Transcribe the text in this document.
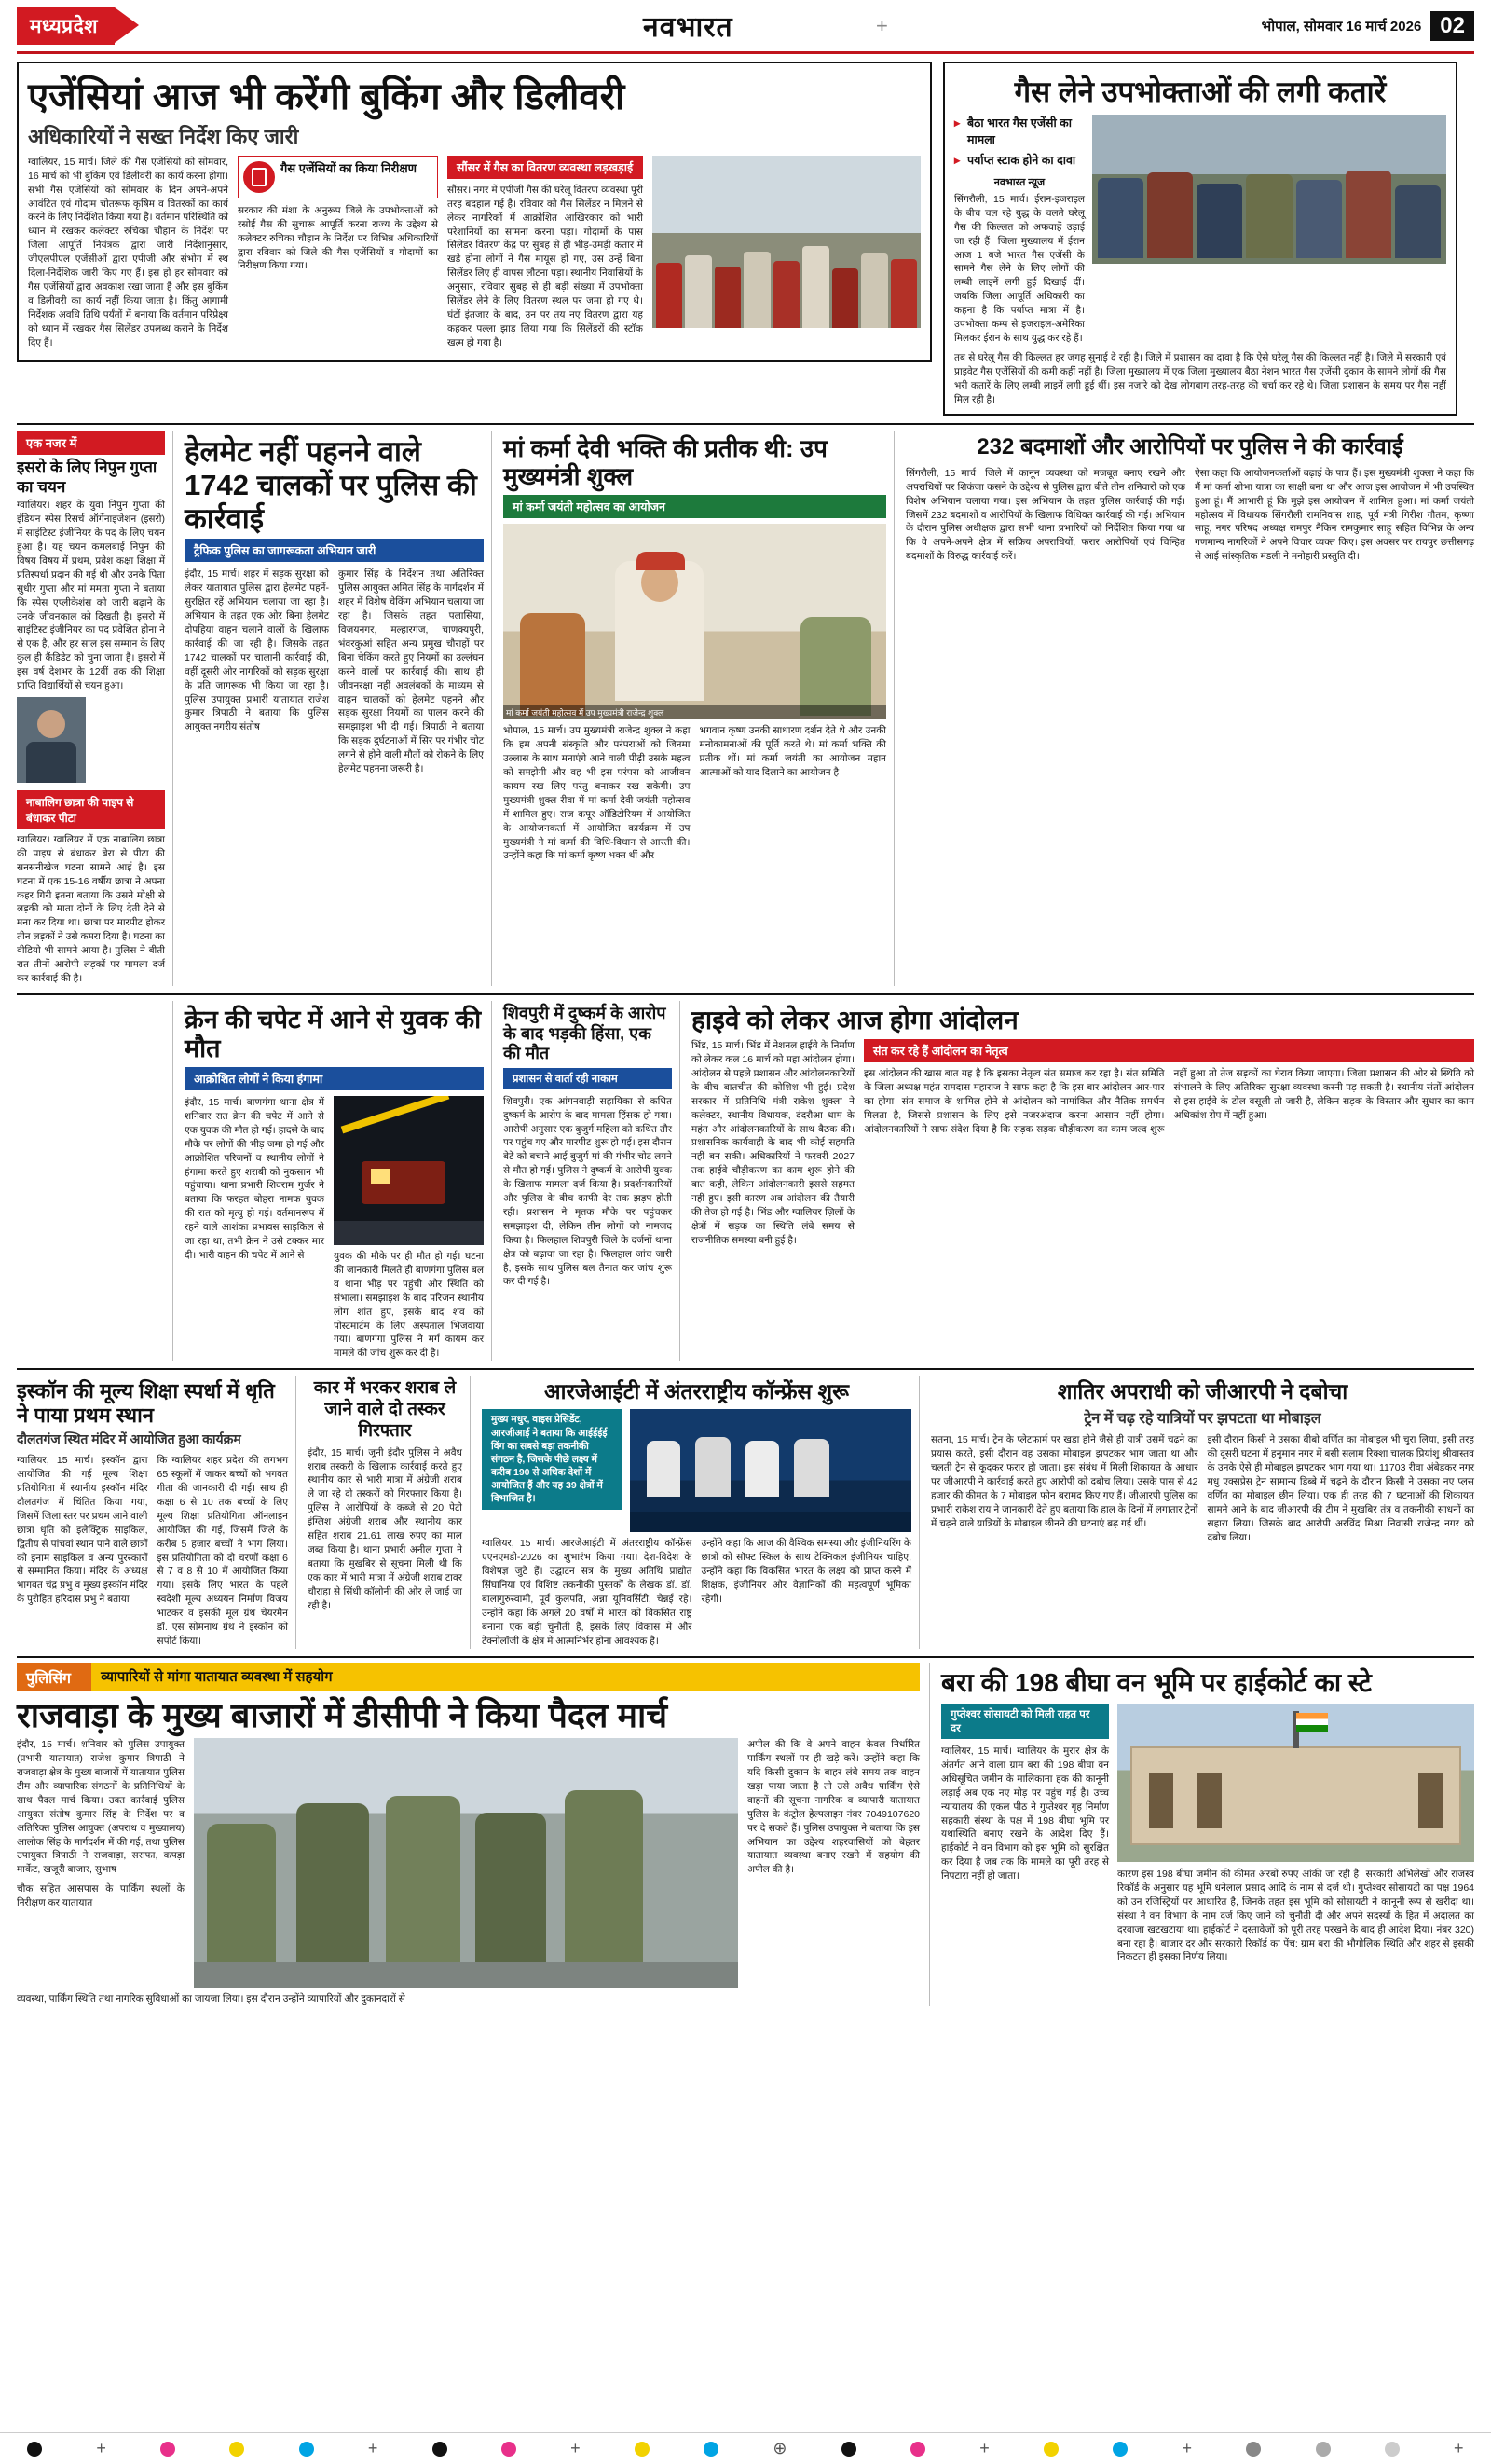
मध्यप्रदेश	नवभारत	+	भोपाल, सोमवार 16 मार्च 2026 02
एजेंसियां आज भी करेंगी बुकिंग और डिलीवरी
अधिकारियों ने सख्त निर्देश किए जारी
ग्वालियर, 15 मार्च। जिले की गैस एजेंसियों को सोमवार, 16 मार्च को भी बुकिंग एवं डिलीवरी का कार्य करना होगा। सभी गैस एजेंसियों को सोमवार के दिन अपने-अपने आवंटित एवं गोदाम चोतरूफ कृषिम व वितरकों का कार्य करने के लिए निर्देशित किया गया है। वर्तमान परिस्थिति को ध्यान में रखकर कलेक्टर रुचिका चौहान के निर्देश पर जिला आपूर्ति नियंत्रक द्वारा जारी निर्देशानुसार, जीएलपीएल एजेंसीओं द्वारा एपीजी और संभोग में स्थ दिला-निर्देशिक जारी किए गए हैं। इस हो हर सोमवार को गैस एजेंसियों द्वारा अवकाश रखा जाता है और इस बुकिंग व डिलीवरी का कार्य नहीं किया जाता है। किंतु आगामी निर्देशक अवधि तिथि पर्यंतों में बनाया कि वर्तमान परिप्रेक्ष्य को ध्यान में रखकर गैस सिलेंडर उपलब्ध कराने के निर्देश दिए हैं।
गैस एजेंसियों का किया निरीक्षण
सरकार की मंशा के अनुरूप जिले के उपभोक्ताओं को रसोई गैस की सुचारू आपूर्ति करना राज्य के उद्देश्य से कलेक्टर रुचिका चौहान के निर्देश पर विभिन्न अधिकारियों द्वारा रविवार को जिले की गैस एजेंसियों व गोदामों का निरीक्षण किया गया।
सौंसर में गैस का वितरण व्यवस्था लड़खड़ाई
सौंसर। नगर में एपीजी गैस की घरेलू वितरण व्यवस्था पूरी तरह बदहाल गई है। रविवार को गैस सिलेंडर न मिलने से लेकर नागरिकों में आक्रोशित आखिरकार को भारी परेशानियों का सामना करना पड़ा। गोदामों के पास सिलेंडर वितरण केंद्र पर सुबह से ही भीड़-उमड़ी कतार में खड़े होना लोगों ने गैस मायूस हो गए, उस उन्हें बिना सिलेंडर लिए ही वापस लौटना पड़ा। स्थानीय निवासियों के अनुसार, रविवार सुबह से ही बड़ी संख्या में उपभोक्ता सिलेंडर लेने के लिए वितरण स्थल पर जमा हो गए थे। घंटों इंतजार के बाद, उन पर तय नए वितरण द्वारा यह कहकर पल्ला झाड़ लिया गया कि सिलेंडरों की स्टॉक खत्म हो गया है।
गैस लेने उपभोक्ताओं की लगी कतारें
▸ बैठा भारत गैस एजेंसी का मामला
▸ पर्याप्त स्टाक होने का दावा
नवभारत न्यूज
सिंगरौली, 15 मार्च। ईरान-इजराइल के बीच चल रहे युद्ध के चलते घरेलू गैस की किल्लत को अफवाहें उड़ाई जा रही हैं। जिला मुख्यालय में ईरान आज 1 बजे भारत गैस एजेंसी के सामने गैस लेने के लिए लोगों की लम्बी लाइनें लगी हुई दिखाई दीं। जबकि जिला आपूर्ति अधिकारी का कहना है कि पर्याप्त मात्रा में है। उपभोक्ता कम्प से इजराइल-अमेरिका मिलकर ईरान के साथ युद्ध कर रहे हैं।
तब से घरेलू गैस की किल्लत हर जगह सुनाई दे रही है। जिले में प्रशासन का दावा है कि ऐसे घरेलू गैस की किल्लत नहीं है। जिले में सरकारी एवं प्राइवेट गैस एजेंसियों की कमी कहीं नहीं है। जिला मुख्यालय में एक जिला मुख्यालय बैठा नेशन भारत गैस एजेंसी दुकान के सामने लोगों की गैस भरी कतारें के लिए लम्बी लाइनें लगी हुई थीं। इस नजारे को देख लोगबाग तरह-तरह की चर्चा कर रहे थे। जिला प्रशासन के समय पर गैस नहीं मिल रही है।
एक नजर में
इसरो के लिए निपुन गुप्ता का चयन
ग्वालियर। शहर के युवा निपुन गुप्ता की इंडियन स्पेस रिसर्च ऑर्गेनाइजेशन (इसरो) में साइंटिस्ट इंजीनियर के पद के लिए चयन हुआ है। यह चयन कमलबाई निपुन की विषय विषय में प्रथम, प्रवेश कक्षा शिक्षा में प्रतिस्पर्धा प्रदान की गई थी और उनके पिता सुधीर गुप्ता और मां ममता गुप्ता ने बताया कि स्पेस एप्लीकेशंस को जारी बढ़ाने के उनके जीवनकाल को दिखती है। इसरो में साइंटिस्ट इंजीनियर का पद प्रवेशित होना ने से एक है, और हर साल इस सम्मान के लिए कुल ही कैंडिडेट को चुना जाता है। इसरो में इस वर्ष देशभर के 12वीं तक की शिक्षा प्राप्ति विद्यार्थियों से चयन हुआ।
नाबालिग छात्रा की पाइप से बंधाकर पीटा
ग्वालियर। ग्वालियर में एक नाबालिग छात्रा की पाइप से बंधाकर बेरा से पीटा की सनसनीखेज घटना सामने आई है। इस घटना में एक 15-16 वर्षीय छात्रा ने अपना कहर गिरी इतना बताया कि उसने मोक्षी से लड़की को माता दोनों के लिए देती देने से मना कर दिया था। छात्रा पर मारपीट होकर तीन लड़कों ने उसे कमरा दिया है। घटना का वीडियो भी सामने आया है। पुलिस ने बीती रात तीनों आरोपी लड़कों पर मामला दर्ज कर कार्रवाई की है।
हेलमेट नहीं पहनने वाले 1742 चालकों पर पुलिस की कार्रवाई
ट्रैफिक पुलिस का जागरूकता अभियान जारी
इंदौर, 15 मार्च। शहर में सड़क सुरक्षा को लेकर यातायात पुलिस द्वारा हेलमेट पहनें-सुरक्षित रहें अभियान चलाया जा रहा है। अभियान के तहत एक ओर बिना हेलमेट दोपहिया वाहन चलाने वालों के खिलाफ कार्रवाई की जा रही है। जिसके तहत 1742 चालकों पर चालानी कार्रवाई की, वहीं दूसरी ओर नागरिकों को सड़क सुरक्षा के प्रति जागरूक भी किया जा रहा है। पुलिस उपायुक्त प्रभारी यातायात राजेश कुमार त्रिपाठी ने बताया कि पुलिस आयुक्त नगरीय संतोष
कुमार सिंह के निर्देशन तथा अतिरिक्त पुलिस आयुक्त अमित सिंह के मार्गदर्शन में शहर में विशेष चेकिंग अभियान चलाया जा रहा है। जिसके तहत पलासिया, विजयनगर, मल्हारगंज, चाणक्यपुरी, भंवरकुआं सहित अन्य प्रमुख चौराहों पर बिना चेकिंग करते हुए नियमों का उल्लंघन करने वालों पर कार्रवाई की। साथ ही जीवनरक्षा नहीं अवलंबकों के माध्यम से वाहन चालकों को हेलमेट पहनने और सड़क सुरक्षा नियमों का पालन करने की समझाइश भी दी गई। त्रिपाठी ने बताया कि सड़क दुर्घटनाओं में सिर पर गंभीर चोट लगने से होने वाली मौतों को रोकने के लिए हेलमेट पहनना जरूरी है।
मां कर्मा देवी भक्ति की प्रतीक थी: उप मुख्यमंत्री शुक्ल
मां कर्मा जयंती महोत्सव का आयोजन
मां कर्मा जयंती महोत्सव में उप मुख्यमंत्री राजेन्द्र शुक्ल
भोपाल, 15 मार्च। उप मुख्यमंत्री राजेन्द्र शुक्ल ने कहा कि हम अपनी संस्कृति और परंपराओं को जिनमा उल्लास के साथ मनाएंगे आने वाली पीढ़ी उसके महत्व को समझेगी और वह भी इस परंपरा को आजीवन कायम रख लिए परंतु बनाकर रख सकेगी। उप मुख्यमंत्री शुक्ल रीवा में मां कर्मा देवी जयंती महोत्सव में शामिल हुए। राज कपूर ऑडिटोरियम में आयोजित के आयोजनकर्ता में आयोजित कार्यक्रम में उप मुख्यमंत्री ने मां कर्मा की विधि-विधान से आरती की। उन्होंने कहा कि मां कर्मा कृष्ण भक्त थीं और
भगवान कृष्ण उनकी साधारण दर्शन देते थे और उनकी मनोकामनाओं की पूर्ति करते थे। मां कर्मा भक्ति की प्रतीक थीं। मां कर्मा जयंती का आयोजन महान आत्माओं को याद दिलाने का आयोजन है।
232 बदमाशों और आरोपियों पर पुलिस ने की कार्रवाई
सिंगरौली, 15 मार्च। जिले में कानून व्यवस्था को मजबूत बनाए रखने और अपराधियों पर शिकंजा कसने के उद्देश्य से पुलिस द्वारा बीते तीन शनिवारों को एक विशेष अभियान चलाया गया। इस अभियान के तहत पुलिस कार्रवाई की गई। जिसमें 232 बदमाशों व आरोपियों के खिलाफ विधिवत कार्रवाई की गई। अभियान के दौरान पुलिस अधीक्षक द्वारा सभी थाना प्रभारियों को निर्देशित किया गया था कि वे अपने-अपने क्षेत्र में सक्रिय अपराधियों, फरार आरोपियों एवं चिन्हित बदमाशों के विरुद्ध कार्रवाई करें।
ऐसा कहा कि आयोजनकर्ताओं बढ़ाई के पात्र हैं। इस मुख्यमंत्री शुक्ला ने कहा कि मैं मां कर्मा शोभा यात्रा का साक्षी बना था और आज इस आयोजन में भी उपस्थित हुआ हूं। मैं आभारी हूं कि मुझे इस आयोजन में शामिल हुआ। मां कर्मा जयंती महोत्सव में विधायक सिंगरौली रामनिवास शाह, पूर्व मंत्री गिरीश गौतम, कृष्णा साहू, नगर परिषद अध्यक्ष रामपुर नैकिन रामकुमार साहू सहित विभिन्न के अन्य गणमान्य नागरिकों ने अपने विचार व्यक्त किए। इस अवसर पर रायपुर छत्तीसगढ़ से आई सांस्कृतिक मंडली ने मनोहारी प्रस्तुति दी।
क्रेन की चपेट में आने से युवक की मौत
आक्रोशित लोगों ने किया हंगामा
इंदौर, 15 मार्च। बाणगंगा थाना क्षेत्र में शनिवार रात क्रेन की चपेट में आने से एक युवक की मौत हो गई। हादसे के बाद मौके पर लोगों की भीड़ जमा हो गई और आक्रोशित परिजनों व स्थानीय लोगों ने हंगामा करते हुए शराबी को नुकसान भी पहुंचाया। थाना प्रभारी शिवराम गुर्जर ने बताया कि फरहत बोहरा नामक युवक की रात को मृत्यु हो गई। वर्तमानरूप में रहने वाले आशंका प्रभावस साइकिल से जा रहा था, तभी क्रेन ने उसे टक्कर मार दी। भारी वाहन की चपेट में आने से	युवक की मौके पर ही मौत हो गई। घटना की जानकारी मिलते ही बाणगंगा पुलिस बल व थाना भीड़ पर पहुंची और स्थिति को संभाला। समझाइश के बाद परिजन स्थानीय लोग शांत हुए, इसके बाद शव को पोस्टमार्टम के लिए अस्पताल भिजवाया गया। बाणगंगा पुलिस ने मर्ग कायम कर मामले की जांच शुरू कर दी है।
शिवपुरी में दुष्कर्म के आरोप के बाद भड़की हिंसा, एक की मौत
प्रशासन से वार्ता रही नाकाम
शिवपुरी। एक आंगनबाड़ी सहायिका से कथित दुष्कर्म के आरोप के बाद मामला हिंसक हो गया। आरोपी अनुसार एक बुजुर्ग महिला को कथित तौर पर पहुंच गए और मारपीट शुरू हो गई। इस दौरान बेटे को बचाने आई बुजुर्ग मां की गंभीर चोट लगने से मौत हो गई। पुलिस ने दुष्कर्म के आरोपी युवक के खिलाफ मामला दर्ज किया है। प्रदर्शनकारियों और पुलिस के बीच काफी देर तक झड़प होती रही। प्रशासन ने मृतक मौके पर पहुंचकर समझाइश दी, लेकिन तीन लोगों को नामजद किया है। फिलहाल शिवपुरी जिले के दर्जनों थाना क्षेत्र को बढ़ावा जा रहा है। फिलहाल जांच जारी है, इसके साथ पुलिस बल तैनात कर जांच शुरू कर दी गई है।
हाइवे को लेकर आज होगा आंदोलन
भिंड, 15 मार्च। भिंड में नेशनल हाईवे के निर्माण को लेकर कल 16 मार्च को महा आंदोलन होगा। आंदोलन से पहले प्रशासन और आंदोलनकारियों के बीच बातचीत की कोशिश भी हुई। प्रदेश सरकार में प्रतिनिधि मंत्री राकेश शुक्ला ने कलेक्टर, स्थानीय विधायक, दंदरौआ धाम के महंत और आंदोलनकारियों के साथ बैठक की। प्रशासनिक कार्यवाही के बाद भी कोई सहमति नहीं बन सकी। अधिकारियों ने फरवरी 2027 तक हाईवे चौड़ीकरण का काम शुरू होने की बात कही, लेकिन आंदोलनकारी इससे सहमत नहीं हुए। इसी कारण अब आंदोलन की तैयारी की तेज हो गई है। भिंड और ग्वालियर ज़िलों के क्षेत्रों में सड़क का स्थिति लंबे समय से राजनीतिक समस्या बनी हुई है।
संत कर रहे हैं आंदोलन का नेतृत्व
इस आंदोलन की खास बात यह है कि इसका नेतृत्व संत समाज कर रहा है। संत समिति के जिला अध्यक्ष महंत रामदास महाराज ने साफ कहा है कि इस बार आंदोलन आर-पार का होगा। संत समाज के शामिल होने से आंदोलन को नामांकित और नैतिक समर्थन मिलता है, जिससे प्रशासन के लिए इसे नजरअंदाज करना आसान नहीं होगा। आंदोलनकारियों ने साफ संदेश दिया है कि सड़क सड़क चौड़ीकरण का काम जल्द शुरू नहीं हुआ तो तेज सड़कों का घेराव किया जाएगा। जिला प्रशासन की ओर से स्थिति को संभालने के लिए अतिरिक्त सुरक्षा व्यवस्था करनी पड़ सकती है। स्थानीय संतों आंदोलन से इस हाईवे के टोल वसूली तो जारी है, लेकिन सड़क के विस्तार और सुधार का काम अधिकांश रोप में नहीं हुआ।
इस्कॉन की मूल्य शिक्षा स्पर्धा में धृति ने पाया प्रथम स्थान
दौलतगंज स्थित मंदिर में आयोजित हुआ कार्यक्रम
ग्वालियर, 15 मार्च। इस्कॉन द्वारा आयोजित की गई मूल्य शिक्षा प्रतियोगिता में स्थानीय इस्कॉन मंदिर दौलतगंज में चिंतित किया गया, जिसमें जिला स्तर पर प्रथम आने वाली छात्रा धृति को इलेक्ट्रिक साइकिल, द्वितीय से पांचवां स्थान पाने वाले छात्रों को इनाम साइकिल व अन्य पुरस्कारों से सम्मानित किया। मंदिर के अध्यक्ष भागवत चंद्र प्रभु व मुख्य इस्कॉन मंदिर के पुरोहित हरिदास प्रभु ने बताया
कि ग्वालियर शहर प्रदेश की लगभग 65 स्कूलों में जाकर बच्चों को भगवत गीता की जानकारी दी गई। साथ ही कक्षा 6 से 10 तक बच्चों के लिए मूल्य शिक्षा प्रतियोगिता ऑनलाइन आयोजित की गई, जिसमें जिले के करीब 5 हजार बच्चों ने भाग लिया। इस प्रतियोगिता को दो चरणों कक्षा 6 से 7 व 8 से 10 में आयोजित किया गया। इसके लिए भारत के पहले स्वदेशी मूल्य अध्ययन निर्माण विजय भाटकर व इसकी मूल ग्रंथ चेयरमैन डॉ. एस सोमनाथ ग्रंथ ने इस्कॉन को सपोर्ट किया।
कार में भरकर शराब ले जाने वाले दो तस्कर गिरफ्तार
इंदौर, 15 मार्च। जूनी इंदौर पुलिस ने अवैध शराब तस्करी के खिलाफ कार्रवाई करते हुए स्थानीय कार से भारी मात्रा में अंग्रेजी शराब ले जा रहे दो तस्करों को गिरफ्तार किया है। पुलिस ने आरोपियों के कब्जे से 20 पेटी इंग्लिश अंग्रेजी शराब और स्थानीय कार सहित शराब 21.61 लाख रुपए का माल जब्त किया है। थाना प्रभारी अनील गुप्ता ने बताया कि मुखबिर से सूचना मिली थी कि एक कार में भारी मात्रा में अंग्रेजी शराब टावर चौराहा से सिंधी कॉलोनी की ओर ले जाई जा रही है।
आरजेआईटी में अंतरराष्ट्रीय कॉन्फ्रेंस शुरू
मुख्य मधुर, वाइस प्रेसिडेंट, आरजीआई ने बताया कि आईईईई विंग का सबसे बड़ा तकनीकी संगठन है, जिसके पीछे लक्ष्य में करीब 190 से अधिक देशों में आयोजित हैं और यह 39 क्षेत्रों में विभाजित है।
ग्वालियर, 15 मार्च। आरजेआईटी में अंतरराष्ट्रीय कॉन्फ्रेंस एएनएमडी-2026 का शुभारंभ किया गया। देश-विदेश के विशेषज्ञ जुटे हैं। उद्घाटन सत्र के मुख्य अतिथि प्राद्यौत सिंघानिया एवं विशिष्ट तकनीकी पुस्तकों के लेखक डॉ. डॉ. बालागुरुस्वामी, पूर्व कुलपति, अन्ना यूनिवर्सिटी, चेन्नई रहे। उन्होंने कहा कि अगले 20 वर्षों में भारत को विकसित राष्ट्र बनाना एक बड़ी चुनौती है, इसके लिए विकास में और टेक्नोलॉजी के क्षेत्र में आत्मनिर्भर होना आवश्यक है।
उन्होंने कहा कि आज की वैश्विक समस्या और इंजीनियरिंग के छात्रों को सॉफ्ट स्किल के साथ टेक्निकल इंजीनियर चाहिए, उन्होंने कहा कि विकसित भारत के लक्ष्य को प्राप्त करने में शिक्षक, इंजीनियर और वैज्ञानिकों की महत्वपूर्ण भूमिका रहेगी।
शातिर अपराधी को जीआरपी ने दबोचा
ट्रेन में चढ़ रहे यात्रियों पर झपटता था मोबाइल
सतना, 15 मार्च। ट्रेन के प्लेटफार्म पर खड़ा होने जैसे ही यात्री उसमें चढ़ने का प्रयास करते, इसी दौरान वह उसका मोबाइल झपटकर भाग जाता था और चलती ट्रेन से कूदकर फरार हो जाता। इस संबंध में मिली शिकायत के आधार पर जीआरपी ने कार्रवाई करते हुए आरोपी को दबोच लिया। उसके पास से 42 हजार की कीमत के 7 मोबाइल फोन बरामद किए गए हैं। जीआरपी पुलिस का प्रभारी राकेश राय ने जानकारी देते हुए बताया कि हाल के दिनों में लगातार ट्रेनों में चढ़ने वाले यात्रियों के मोबाइल छीनने की घटनाएं बढ़ गई थीं।
इसी दौरान किसी ने उसका बीबो वर्णित का मोबाइल भी चुरा लिया, इसी तरह की दूसरी घटना में हनुमान नगर में बसी सलाम रिक्शा चालक प्रियांशु श्रीवास्तव के उनके ऐसे ही मोबाइल झपटकर भाग गया था। 11703 रीवा अंबेडकर नगर मधु एक्सप्रेस ट्रेन सामान्य डिब्बे में चढ़ने के दौरान किसी ने उसका नए प्लस वर्णित का मोबाइल छीन लिया। एक ही तरह की 7 घटनाओं की शिकायत सामने आने के बाद जीआरपी की टीम ने मुखबिर तंत्र व तकनीकी साधनों का सहारा लिया। जिसके बाद आरोपी अरविंद मिश्रा निवासी राजेन्द्र नगर को दबोच लिया।
पुलिसिंग	व्यापारियों से मांगा यातायात व्यवस्था में सहयोग
राजवाड़ा के मुख्य बाजारों में डीसीपी ने किया पैदल मार्च
इंदौर, 15 मार्च। शनिवार को पुलिस उपायुक्त (प्रभारी यातायात) राजेश कुमार त्रिपाठी ने राजवाड़ा क्षेत्र के मुख्य बाजारों में यातायात पुलिस टीम और व्यापारिक संगठनों के प्रतिनिधियों के साथ पैदल मार्च किया। उक्त कार्रवाई पुलिस आयुक्त संतोष कुमार सिंह के निर्देश पर व अतिरिक्त पुलिस आयुक्त (अपराध व मुख्यालय) आलोक सिंह के मार्गदर्शन में की गई, तथा पुलिस उपायुक्त त्रिपाठी ने राजवाड़ा, सराफा, कपड़ा मार्केट, खजूरी बाजार, सुभाष
चौक सहित आसपास के पार्किंग स्थलों के निरीक्षण कर यातायात
अपील की कि वे अपने वाहन केवल निर्धारित पार्किंग स्थलों पर ही खड़े करें। उन्होंने कहा कि यदि किसी दुकान के बाहर लंबे समय तक वाहन खड़ा पाया जाता है तो उसे अवैध पार्किंग ऐसे वाहनों की सूचना नागरिक व व्यापारी यातायात पुलिस के कंट्रोल हेल्पलाइन नंबर 7049107620 पर दे सकते हैं। पुलिस उपायुक्त ने बताया कि इस अभियान का उद्देश्य शहरवासियों को बेहतर यातायात व्यवस्था बनाए रखने में सहयोग की अपील की है।
व्यवस्था, पार्किंग स्थिति तथा नागरिक सुविधाओं का जायजा लिया। इस दौरान उन्होंने व्यापारियों और दुकानदारों से
बरा की 198 बीघा वन भूमि पर हाईकोर्ट का स्टे
गुप्तेश्वर सोसायटी को मिली राहत पर दर
ग्वालियर, 15 मार्च। ग्वालियर के मुरार क्षेत्र के अंतर्गत आने वाला ग्राम बरा की 198 बीघा वन अधिसूचित जमीन के मालिकाना हक की कानूनी लड़ाई अब एक नए मोड़ पर पहुंच गई है। उच्च न्यायालय की एकल पीठ ने गुप्तेश्वर गृह निर्माण सहकारी संस्था के पक्ष में 198 बीघा भूमि पर यथास्थिति बनाए रखने के आदेश दिए हैं। हाईकोर्ट ने वन विभाग को इस भूमि को सुरक्षित कर दिया है जब तक कि मामले का पूरी तरह से निपटारा नहीं हो जाता।	कारण इस 198 बीघा जमीन की कीमत अरबों रुपए आंकी जा रही है। सरकारी अभिलेखों और राजस्व रिकॉर्ड के अनुसार यह भूमि धनेलाल प्रसाद आदि के नाम से दर्ज थी। गुप्तेश्वर सोसायटी का पक्ष 1964 को उन रजिस्ट्रियों पर आधारित है, जिनके तहत इस भूमि को सोसायटी ने कानूनी रूप से खरीदा था। संस्था ने वन विभाग के नाम दर्ज किए जाने को चुनौती दी और अपने सदस्यों के हित में अदालत का दरवाजा खटखटाया था। हाईकोर्ट ने दस्तावेजों को पूरी तरह परखने के बाद ही आदेश दिया। नंबर 320) बना रहा है। बाजार दर और सरकारी रिकॉर्ड का पेंच: ग्राम बरा की भौगोलिक स्थिति और शहर से इसकी निकटता ही इसका निर्णय लिया।
+	+	+	⊕	+	+	+
